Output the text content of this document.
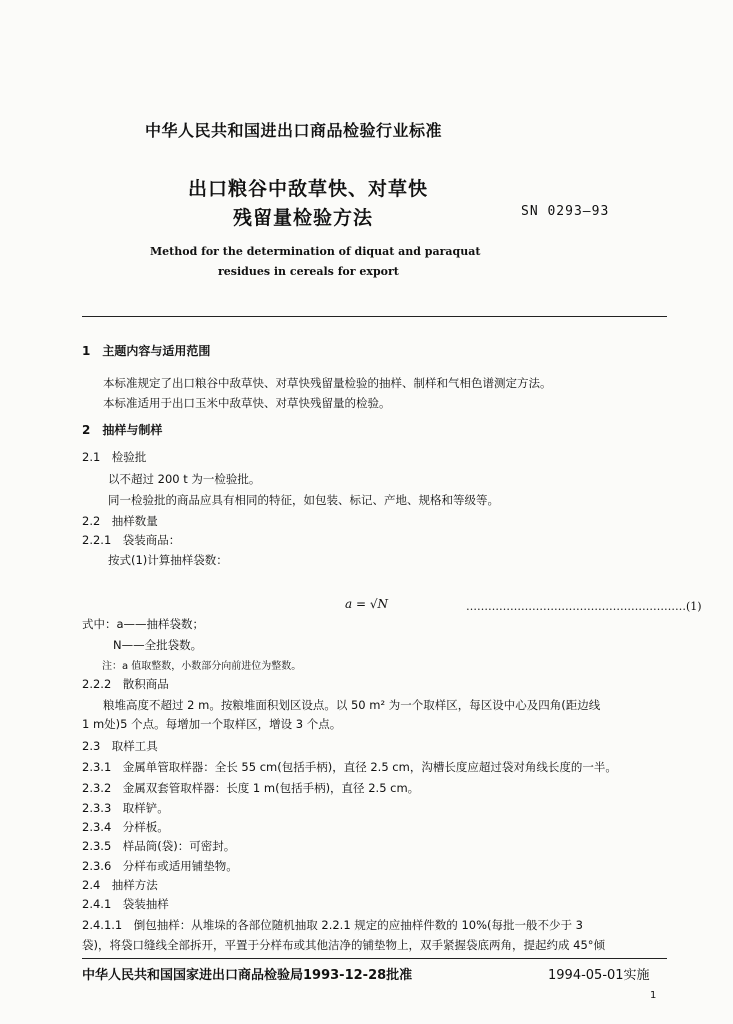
中华人民共和国进出口商品检验行业标准
出口粮谷中敌草快、对草快
残留量检验方法	SN 0293—93
Method for the determination of diquat and paraquat
residues in cereals for export
1　主题内容与适用范围
本标准规定了出口粮谷中敌草快、对草快残留量检验的抽样、制样和气相色谱测定方法。
本标准适用于出口玉米中敌草快、对草快残留量的检验。
2　抽样与制样
2.1　检验批
以不超过 200 t 为一检验批。
同一检验批的商品应具有相同的特征，如包装、标记、产地、规格和等级等。
2.2　抽样数量
2.2.1　袋装商品：
按式(1)计算抽样袋数：
a = √N	……………………………………………………(1)
式中：a——抽样袋数；
N——全批袋数。
注：a 值取整数，小数部分向前进位为整数。
2.2.2　散积商品
粮堆高度不超过 2 m。按粮堆面积划区设点。以 50 m² 为一个取样区，每区设中心及四角(距边线
1 m处)5 个点。每增加一个取样区，增设 3 个点。
2.3　取样工具
2.3.1　金属单管取样器：全长 55 cm(包括手柄)，直径 2.5 cm，沟槽长度应超过袋对角线长度的一半。
2.3.2　金属双套管取样器：长度 1 m(包括手柄)，直径 2.5 cm。
2.3.3　取样铲。
2.3.4　分样板。
2.3.5　样品筒(袋)：可密封。
2.3.6　分样布或适用铺垫物。
2.4　抽样方法
2.4.1　袋装抽样
2.4.1.1　倒包抽样：从堆垛的各部位随机抽取 2.2.1 规定的应抽样件数的 10%(每批一般不少于 3
袋)，将袋口缝线全部拆开，平置于分样布或其他洁净的铺垫物上，双手紧握袋底两角，提起约成 45°倾
中华人民共和国国家进出口商品检验局1993-12-28批准	1994-05-01实施
1
